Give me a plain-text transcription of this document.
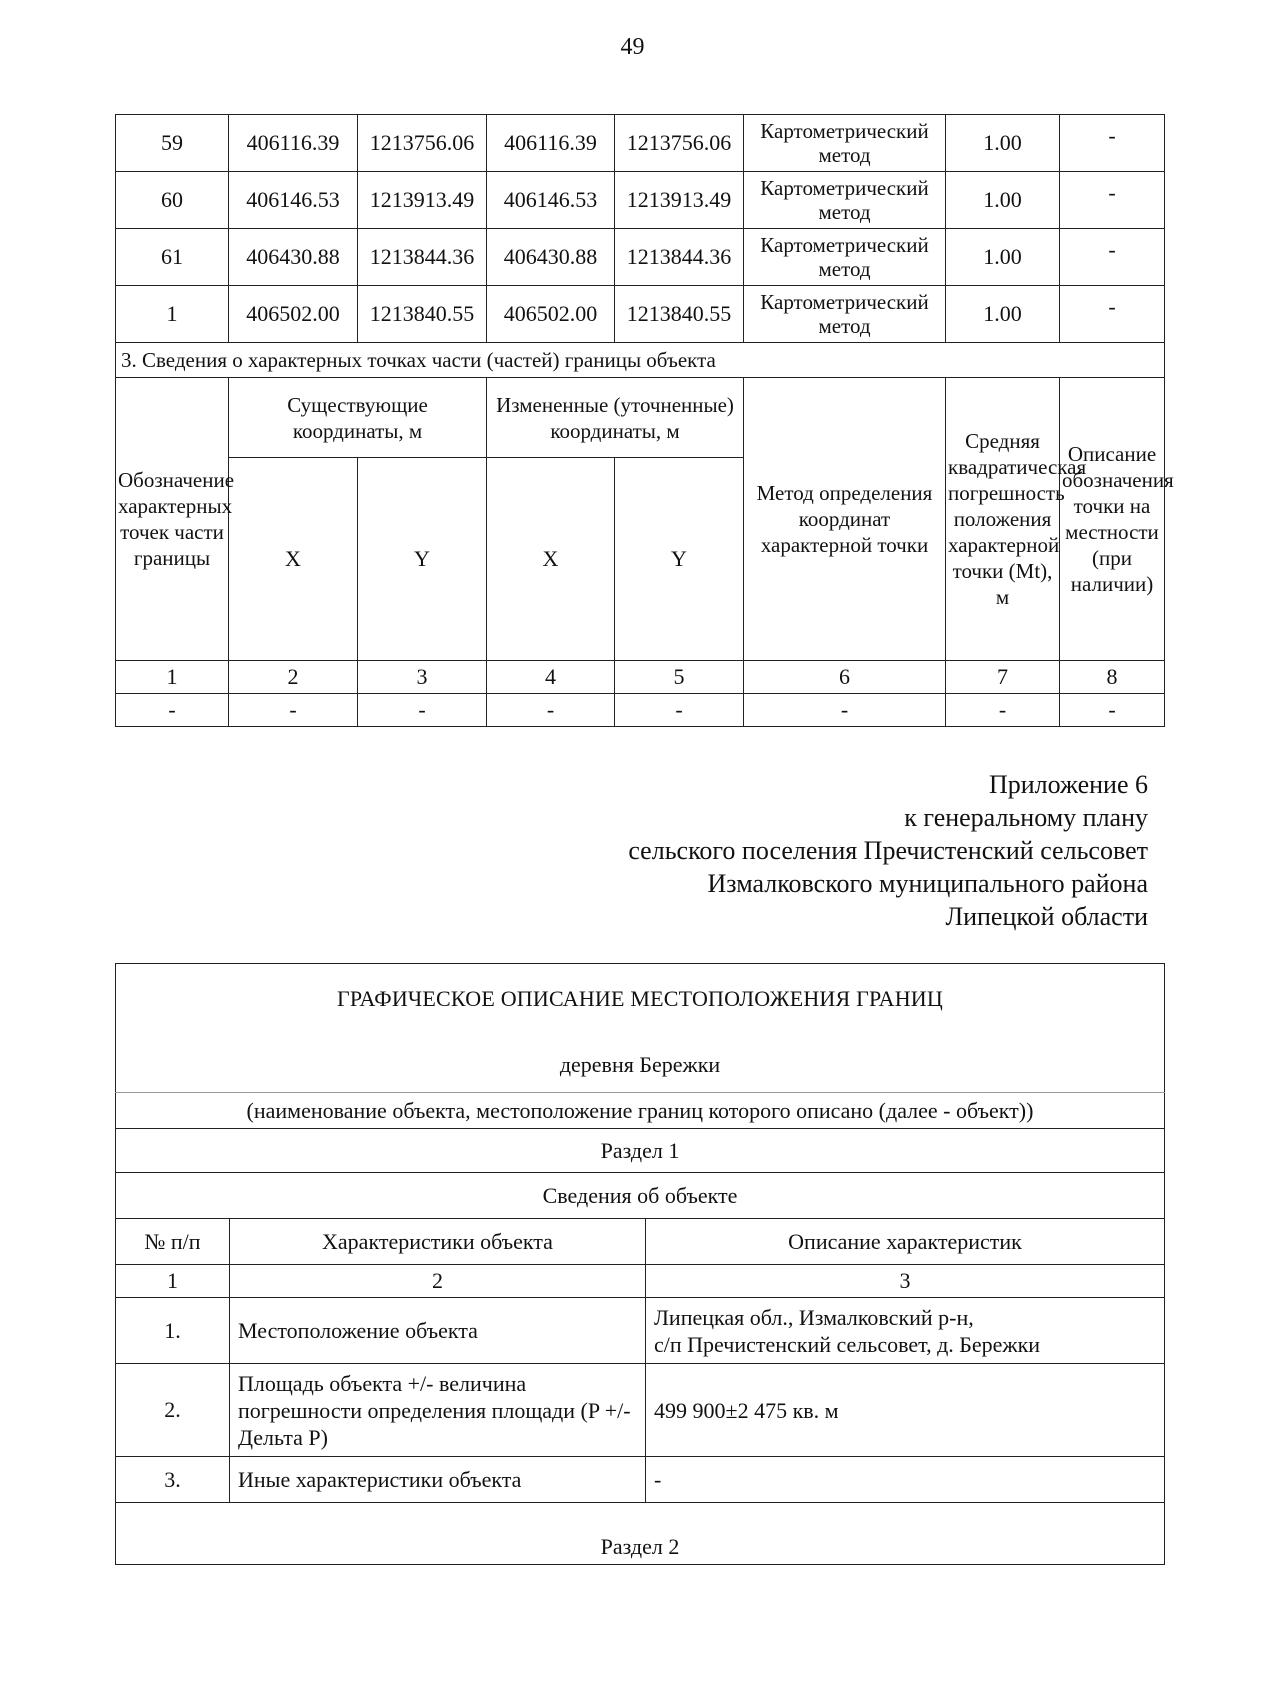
49
59	406116.39	1213756.06	406116.39	1213756.06	Картометрический метод	1.00	-
60	406146.53	1213913.49	406146.53	1213913.49	Картометрический метод	1.00	-
61	406430.88	1213844.36	406430.88	1213844.36	Картометрический метод	1.00	-
1	406502.00	1213840.55	406502.00	1213840.55	Картометрический метод	1.00	-
3. Сведения о характерных точках части (частей) границы объекта							
Обозначение характерных точек части границы	Существующие координаты, м		Измененные (уточненные) координаты, м		Метод определения координат характерной точки	Средняя квадратическая погрешность положения характерной точки (Mt), м	Описание обозначения точки на местности (при наличии)
	X	Y	X	Y			
1	2	3	4	5	6	7	8
-	-	-	-	-	-	-	-
Приложение 6
к генеральному плану
сельского поселения Пречистенский сельсовет
Измалковского муниципального района
Липецкой области
ГРАФИЧЕСКОЕ ОПИСАНИЕ МЕСТОПОЛОЖЕНИЯ ГРАНИЦ
деревня Бережки		

(наименование объекта, местоположение границ которого описано (далее - объект))		
Раздел 1		
Сведения об объекте		
№ п/п	Характеристики объекта	Описание характеристик
1	2	3
1.	Местоположение объекта	Липецкая обл., Измалковский р-н,
с/п Пречистенский сельсовет, д. Бережки

2.	Площадь объекта +/- величина погрешности определения площади (P +/- Дельта P)	499 900±2 475 кв. м
3.	Иные характеристики объекта	-
Раздел 2		
